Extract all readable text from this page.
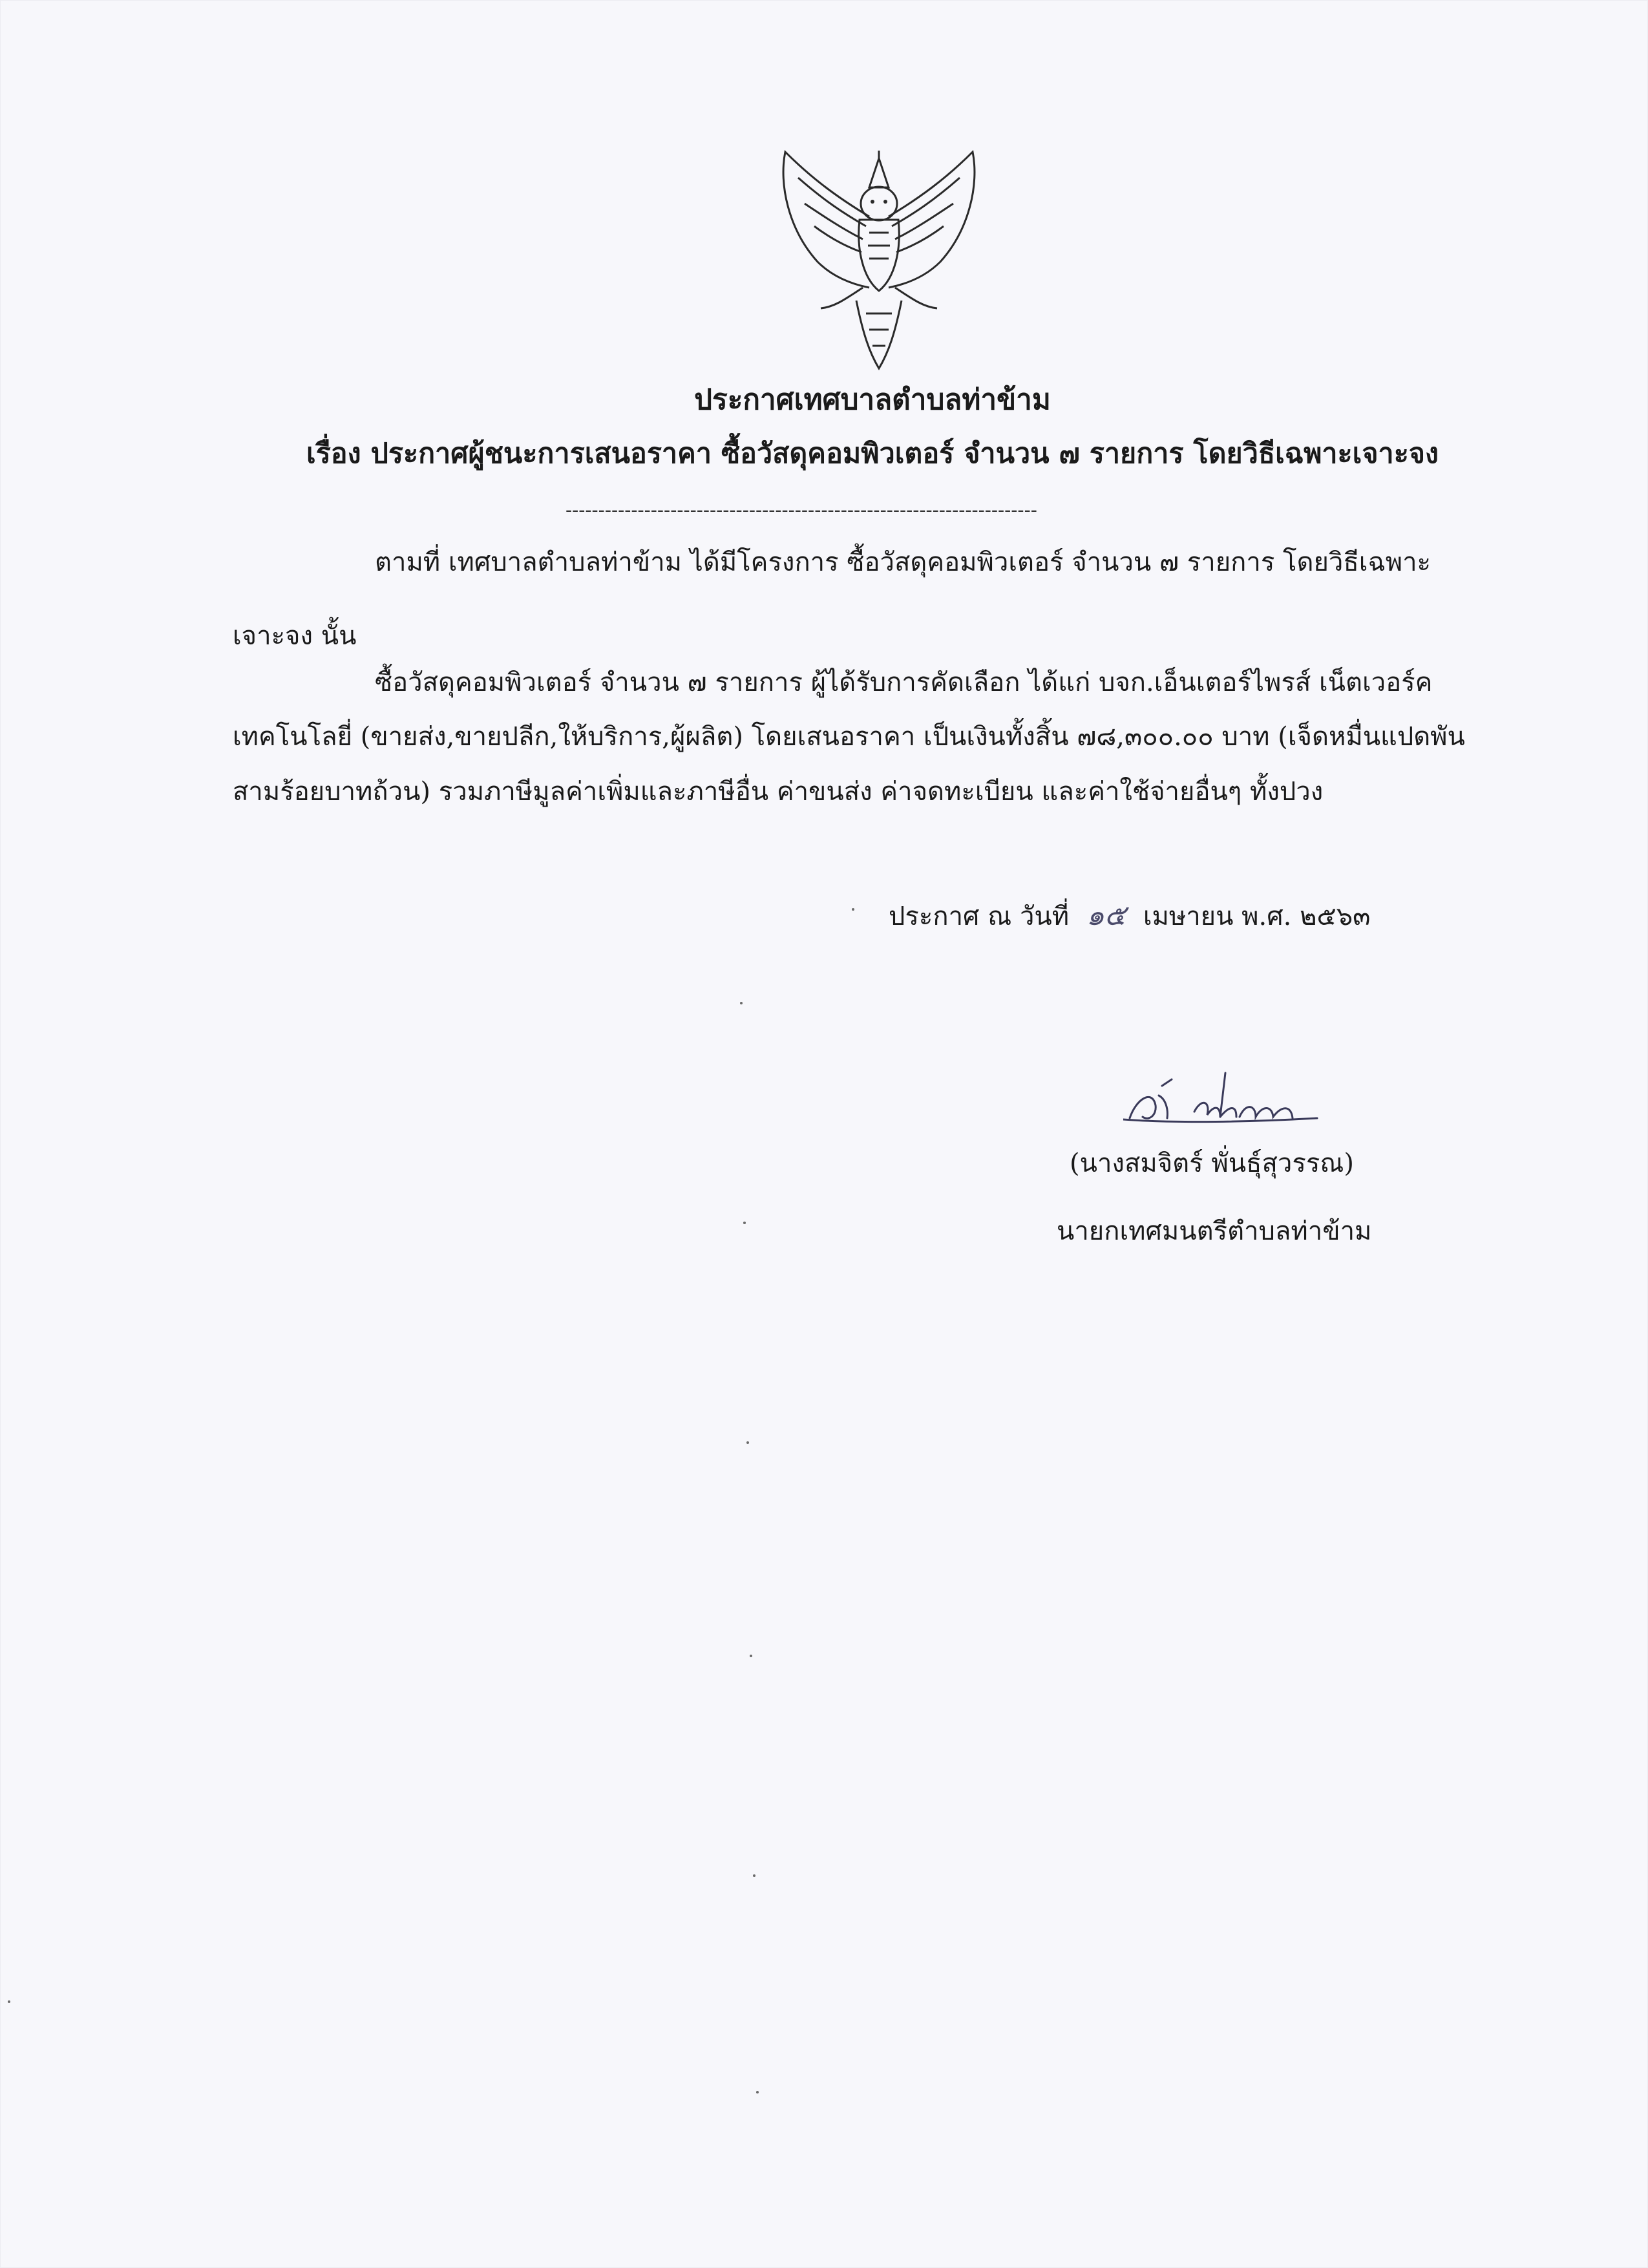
ประกาศเทศบาลตำบลท่าข้าม
เรื่อง ประกาศผู้ชนะการเสนอราคา ซื้อวัสดุคอมพิวเตอร์ จำนวน ๗ รายการ โดยวิธีเฉพาะเจาะจง
------------------------------------------------------------------------
ตามที่ เทศบาลตำบลท่าข้าม ได้มีโครงการ ซื้อวัสดุคอมพิวเตอร์ จำนวน ๗ รายการ โดยวิธีเฉพาะ
เจาะจง นั้น
ซื้อวัสดุคอมพิวเตอร์ จำนวน ๗ รายการ ผู้ได้รับการคัดเลือก ได้แก่ บจก.เอ็นเตอร์ไพรส์ เน็ตเวอร์ค
เทคโนโลยี่ (ขายส่ง,ขายปลีก,ให้บริการ,ผู้ผลิต) โดยเสนอราคา เป็นเงินทั้งสิ้น ๗๘,๓๐๐.๐๐ บาท (เจ็ดหมื่นแปดพัน
สามร้อยบาทถ้วน) รวมภาษีมูลค่าเพิ่มและภาษีอื่น ค่าขนส่ง ค่าจดทะเบียน และค่าใช้จ่ายอื่นๆ ทั้งปวง
ประกาศ ณ วันที่ ๑๕ เมษายน พ.ศ. ๒๕๖๓
(นางสมจิตร์ พั่นธุ์สุวรรณ)
นายกเทศมนตรีตำบลท่าข้าม
